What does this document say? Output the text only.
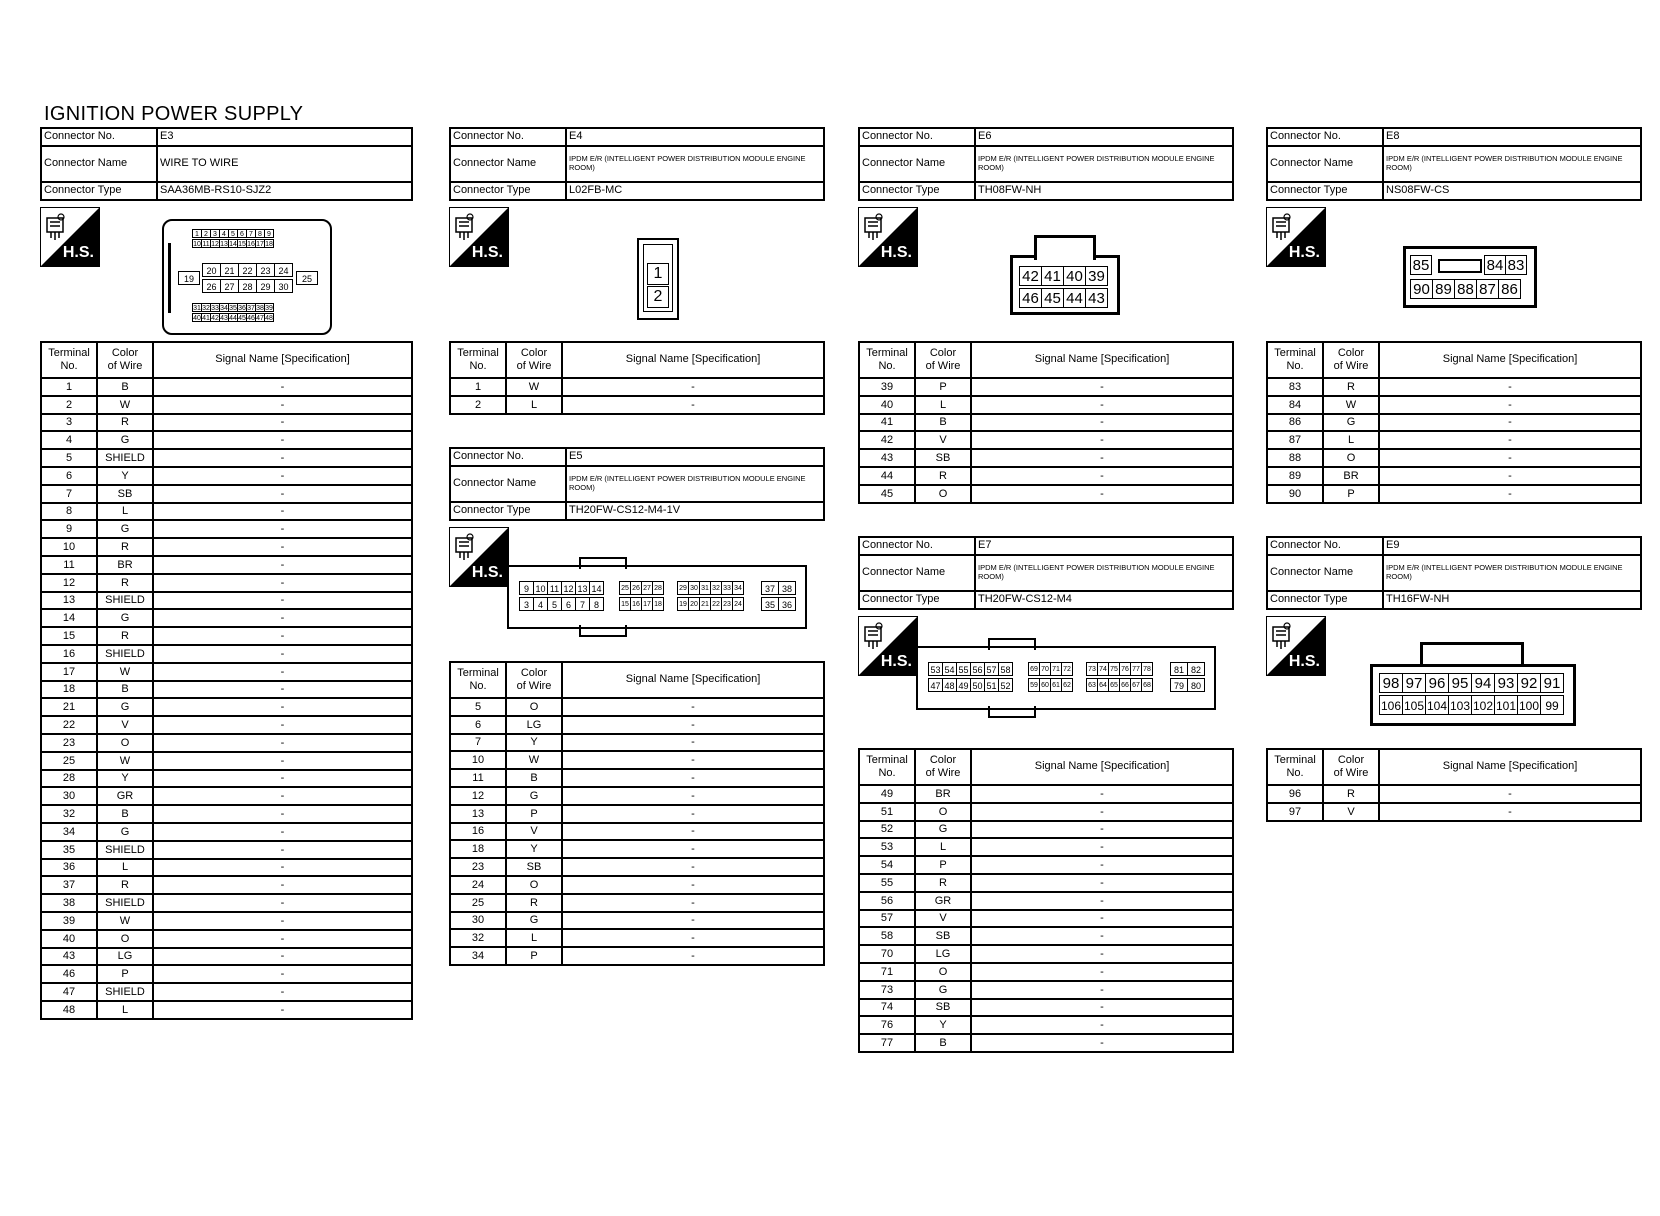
IGNITION POWER SUPPLY
Connector No.	E3
Connector Name	WIRE TO WIRE
Connector Type	SAA36MB-RS10-SJZ2
H.S.
1 2 3 4 5 6 7 8 9
10 11 12 13 14 15 16 17 18
19
20 21 22 23 24
26 27 28 29 30
25
31 32 33 34 35 36 37 38 39
40 41 42 43 44 45 46 47 48
Terminal
No.	Color
of Wire	Signal Name [Specification]
1	B	-
2	W	-
3	R	-
4	G	-
5	SHIELD	-
6	Y	-
7	SB	-
8	L	-
9	G	-
10	R	-
11	BR	-
12	R	-
13	SHIELD	-
14	G	-
15	R	-
16	SHIELD	-
17	W	-
18	B	-
21	G	-
22	V	-
23	O	-
25	W	-
28	Y	-
30	GR	-
32	B	-
34	G	-
35	SHIELD	-
36	L	-
37	R	-
38	SHIELD	-
39	W	-
40	O	-
43	LG	-
46	P	-
47	SHIELD	-
48	L	-
Connector No.	E4
Connector Name	IPDM E/R (INTELLIGENT POWER DISTRIBUTION MODULE ENGINE ROOM)
Connector Type	L02FB-MC
H.S.
1
2
Terminal
No.	Color
of Wire	Signal Name [Specification]
1	W	-
2	L	-
Connector No.	E5
Connector Name	IPDM E/R (INTELLIGENT POWER DISTRIBUTION MODULE ENGINE ROOM)
Connector Type	TH20FW-CS12-M4-1V
H.S.
9 10 11 12 13 14
3 4 5 6 7 8
25 26 27 28
15 16 17 18
29 30 31 32 33 34
19 20 21 22 23 24
37 38
35 36
Terminal
No.	Color
of Wire	Signal Name [Specification]
5	O	-
6	LG	-
7	Y	-
10	W	-
11	B	-
12	G	-
13	P	-
16	V	-
18	Y	-
23	SB	-
24	O	-
25	R	-
30	G	-
32	L	-
34	P	-
Connector No.	E6
Connector Name	IPDM E/R (INTELLIGENT POWER DISTRIBUTION MODULE ENGINE ROOM)
Connector Type	TH08FW-NH
H.S.
42 41 40 39
46 45 44 43
Terminal
No.	Color
of Wire	Signal Name [Specification]
39	P	-
40	L	-
41	B	-
42	V	-
43	SB	-
44	R	-
45	O	-
Connector No.	E7
Connector Name	IPDM E/R (INTELLIGENT POWER DISTRIBUTION MODULE ENGINE ROOM)
Connector Type	TH20FW-CS12-M4
H.S. 53 54 55 56 57 58
47 48 49 50 51 52
69 70 71 72
59 60 61 62
73 74 75 76 77 78
63 64 65 66 67 68
81 82
79 80
Terminal
No.	Color
of Wire	Signal Name [Specification]
49	BR	-
51	O	-
52	G	-
53	L	-
54	P	-
55	R	-
56	GR	-
57	V	-
58	SB	-
70	LG	-
71	O	-
73	G	-
74	SB	-
76	Y	-
77	B	-
Connector No.	E8
Connector Name	IPDM E/R (INTELLIGENT POWER DISTRIBUTION MODULE ENGINE ROOM)
Connector Type	NS08FW-CS
H.S.
85	84 83
90 89 88 87 86
Terminal
No.	Color
of Wire	Signal Name [Specification]
83	R	-
84	W	-
86	G	-
87	L	-
88	O	-
89	BR	-
90	P	-
Connector No.	E9
Connector Name	IPDM E/R (INTELLIGENT POWER DISTRIBUTION MODULE ENGINE ROOM)
Connector Type	TH16FW-NH
H.S.
98 97 96 95 94 93 92 91
106 105 104 103 102 101 100 99
Terminal
No.	Color
of Wire	Signal Name [Specification]
96	R	-
97	V	-
